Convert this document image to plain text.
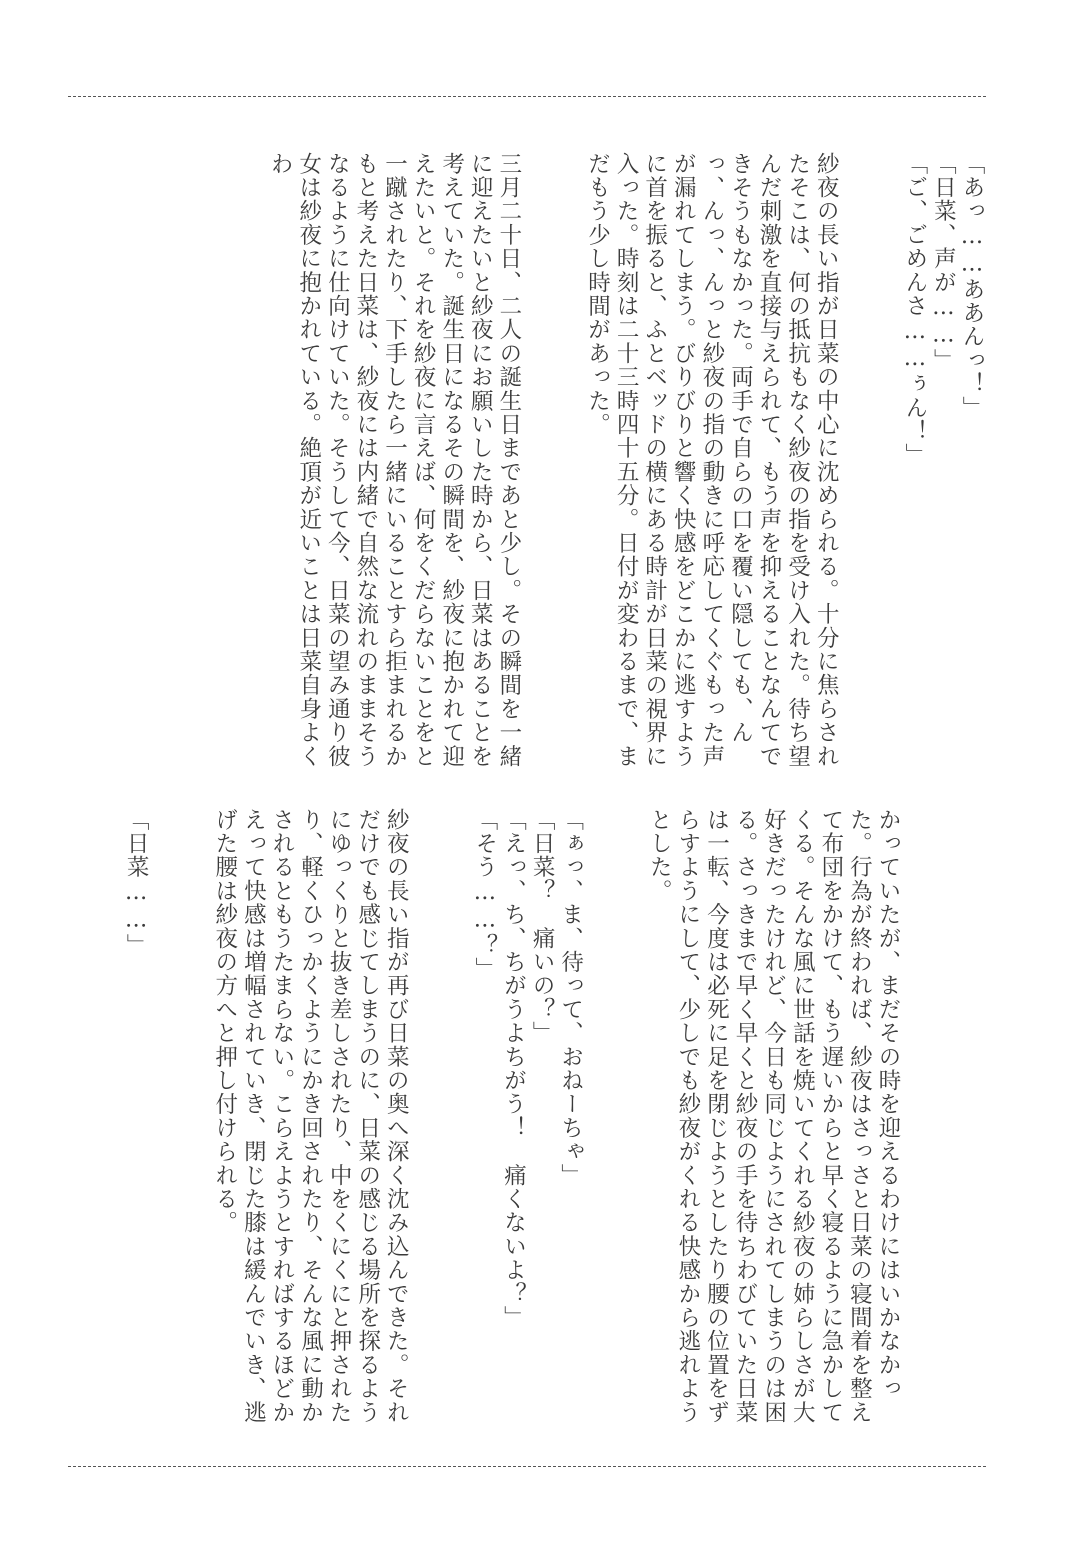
「あっ……ああんっ！」
「日菜、声が……」
「ご、ごめんさ……ぅん！」
紗夜の長い指が日菜の中心に沈められる。十分に焦らされたそこは、何の抵抗もなく紗夜の指を受け入れた。待ち望んだ刺激を直接与えられて、もう声を抑えることなんてできそうもなかった。両手で自らの口を覆い隠しても、んっ、んっ、んっと紗夜の指の動きに呼応してくぐもった声が漏れてしまう。びりびりと響く快感をどこかに逃すように首を振ると、ふとベッドの横にある時計が日菜の視界に入った。時刻は二十三時四十五分。日付が変わるまで、まだもう少し時間があった。
三月二十日、二人の誕生日まであと少し。その瞬間を一緒に迎えたいと紗夜にお願いした時から、日菜はあることを考えていた。誕生日になるその瞬間を、紗夜に抱かれて迎えたいと。それを紗夜に言えば、何をくだらないことをと一蹴されたり、下手したら一緒にいることすら拒まれるかもと考えた日菜は、紗夜には内緒で自然な流れのままそうなるように仕向けていた。そうして今、日菜の望み通り彼女は紗夜に抱かれている。絶頂が近いことは日菜自身よくわ
かっていたが、まだその時を迎えるわけにはいかなかった。行為が終われば、紗夜はさっさと日菜の寝間着を整えて布団をかけて、もう遅いからと早く寝るように急かしてくる。そんな風に世話を焼いてくれる紗夜の姉らしさが大好きだったけれど、今日も同じようにされてしまうのは困る。さっきまで早く早くと紗夜の手を待ちわびていた日菜は一転、今度は必死に足を閉じようとしたり腰の位置をずらすようにして、少しでも紗夜がくれる快感から逃れようとした。
「ぁっ、ま、待って、おねーちゃ」
「日菜？　痛いの？」
「えっ、ち、ちがうよちがう！　痛くないよ？」
「そう……？」
紗夜の長い指が再び日菜の奥へ深く沈み込んできた。それだけでも感じてしまうのに、日菜の感じる場所を探るようにゆっくりと抜き差しされたり、中をくにくにと押されたり、軽くひっかくようにかき回されたり、そんな風に動かされるともうたまらない。こらえようとすればするほどかえって快感は増幅されていき、閉じた膝は緩んでいき、逃げた腰は紗夜の方へと押し付けられる。
「日菜……」
